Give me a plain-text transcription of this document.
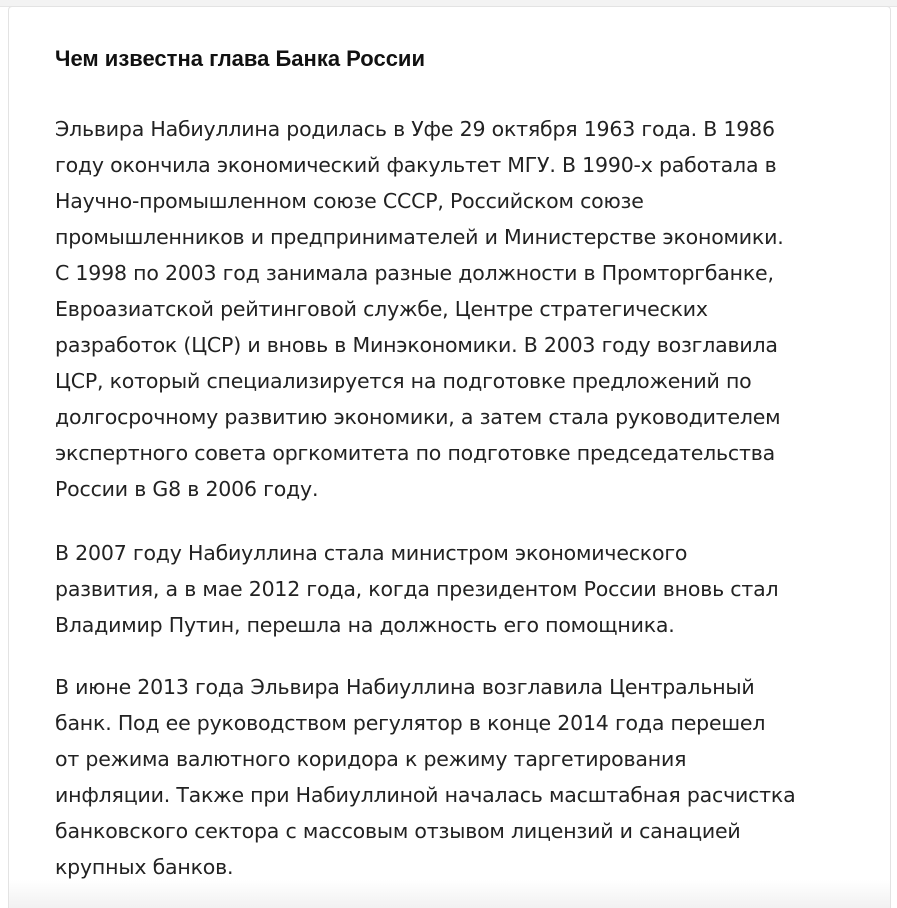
Чем известна глава Банка России

Эльвира Набиуллина родилась в Уфе 29 октября 1963 года. В 1986
году окончила экономический факультет МГУ. В 1990-х работала в
Научно-промышленном союзе СССР, Российском союзе
промышленников и предпринимателей и Министерстве экономики.
С 1998 по 2003 год занимала разные должности в Промторгбанке,
Евроазиатской рейтинговой службе, Центре стратегических
разработок (ЦСР) и вновь в Минэкономики. В 2003 году возглавила
ЦСР, который специализируется на подготовке предложений по
долгосрочному развитию экономики, а затем стала руководителем
экспертного совета оргкомитета по подготовке председательства
России в G8 в 2006 году.

В 2007 году Набиуллина стала министром экономического
развития, а в мае 2012 года, когда президентом России вновь стал
Владимир Путин, перешла на должность его помощника.

В июне 2013 года Эльвира Набиуллина возглавила Центральный
банк. Под ее руководством регулятор в конце 2014 года перешел
от режима валютного коридора к режиму таргетирования
инфляции. Также при Набиуллиной началась масштабная расчистка
банковского сектора с массовым отзывом лицензий и санацией
крупных банков.
